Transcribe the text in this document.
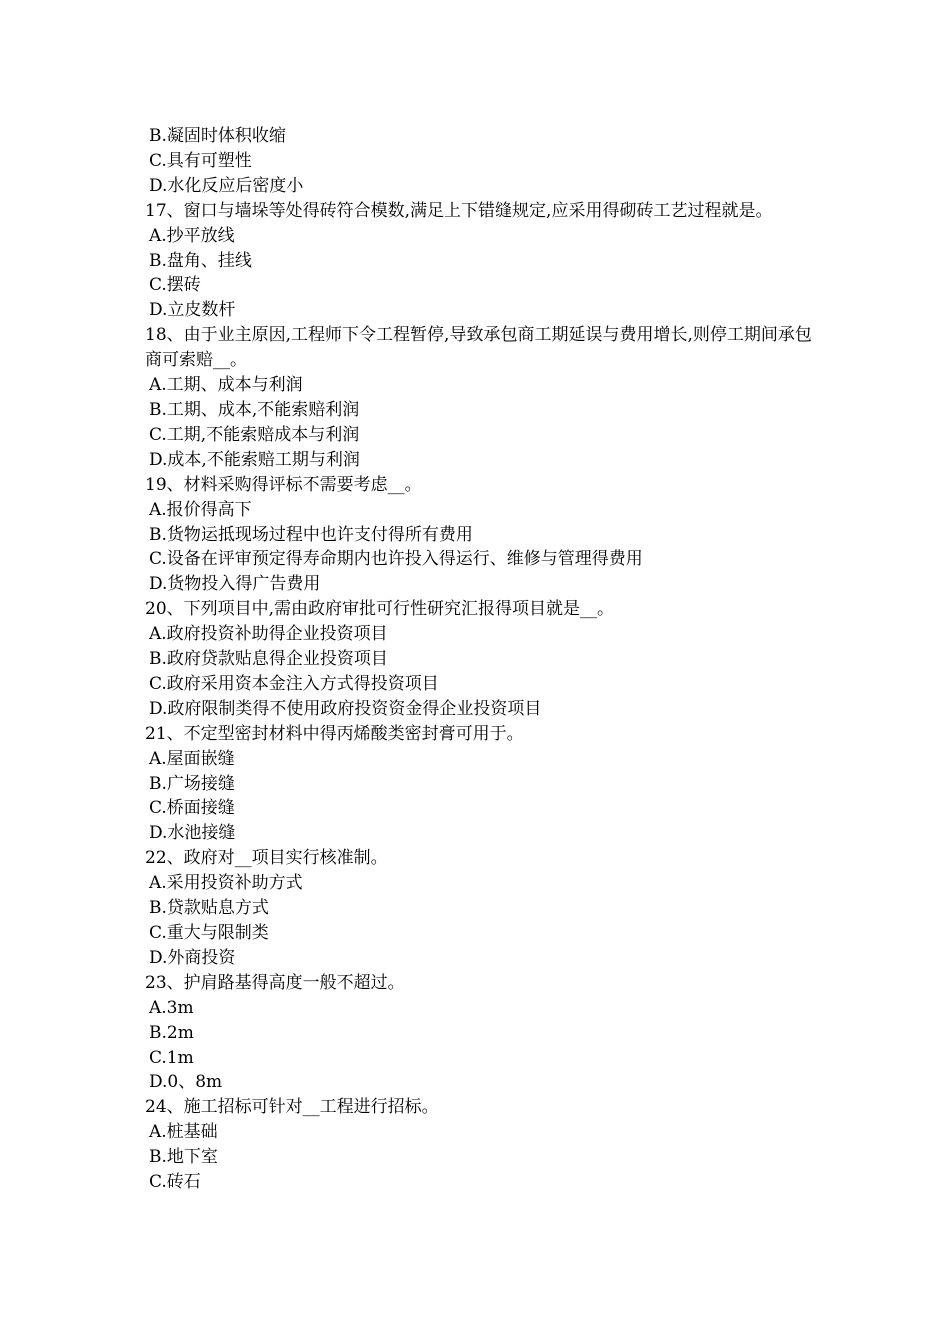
B.凝固时体积收缩
C.具有可塑性
D.水化反应后密度小
17、窗口与墙垛等处得砖符合模数,满足上下错缝规定,应采用得砌砖工艺过程就是。
A.抄平放线
B.盘角、挂线
C.摆砖
D.立皮数杆
18、由于业主原因,工程师下令工程暂停,导致承包商工期延误与费用增长,则停工期间承包商可索赔__。
A.工期、成本与利润
B.工期、成本,不能索赔利润
C.工期,不能索赔成本与利润
D.成本,不能索赔工期与利润
19、材料采购得评标不需要考虑__。
A.报价得高下
B.货物运抵现场过程中也许支付得所有费用
C.设备在评审预定得寿命期内也许投入得运行、维修与管理得费用
D.货物投入得广告费用
20、下列项目中,需由政府审批可行性研究汇报得项目就是__。
A.政府投资补助得企业投资项目
B.政府贷款贴息得企业投资项目
C.政府采用资本金注入方式得投资项目
D.政府限制类得不使用政府投资资金得企业投资项目
21、不定型密封材料中得丙烯酸类密封膏可用于。
A.屋面嵌缝
B.广场接缝
C.桥面接缝
D.水池接缝
22、政府对__项目实行核准制。
A.采用投资补助方式
B.贷款贴息方式
C.重大与限制类
D.外商投资
23、护肩路基得高度一般不超过。
A.3m
B.2m
C.1m
D.0、8m
24、施工招标可针对__工程进行招标。
A.桩基础
B.地下室
C.砖石
